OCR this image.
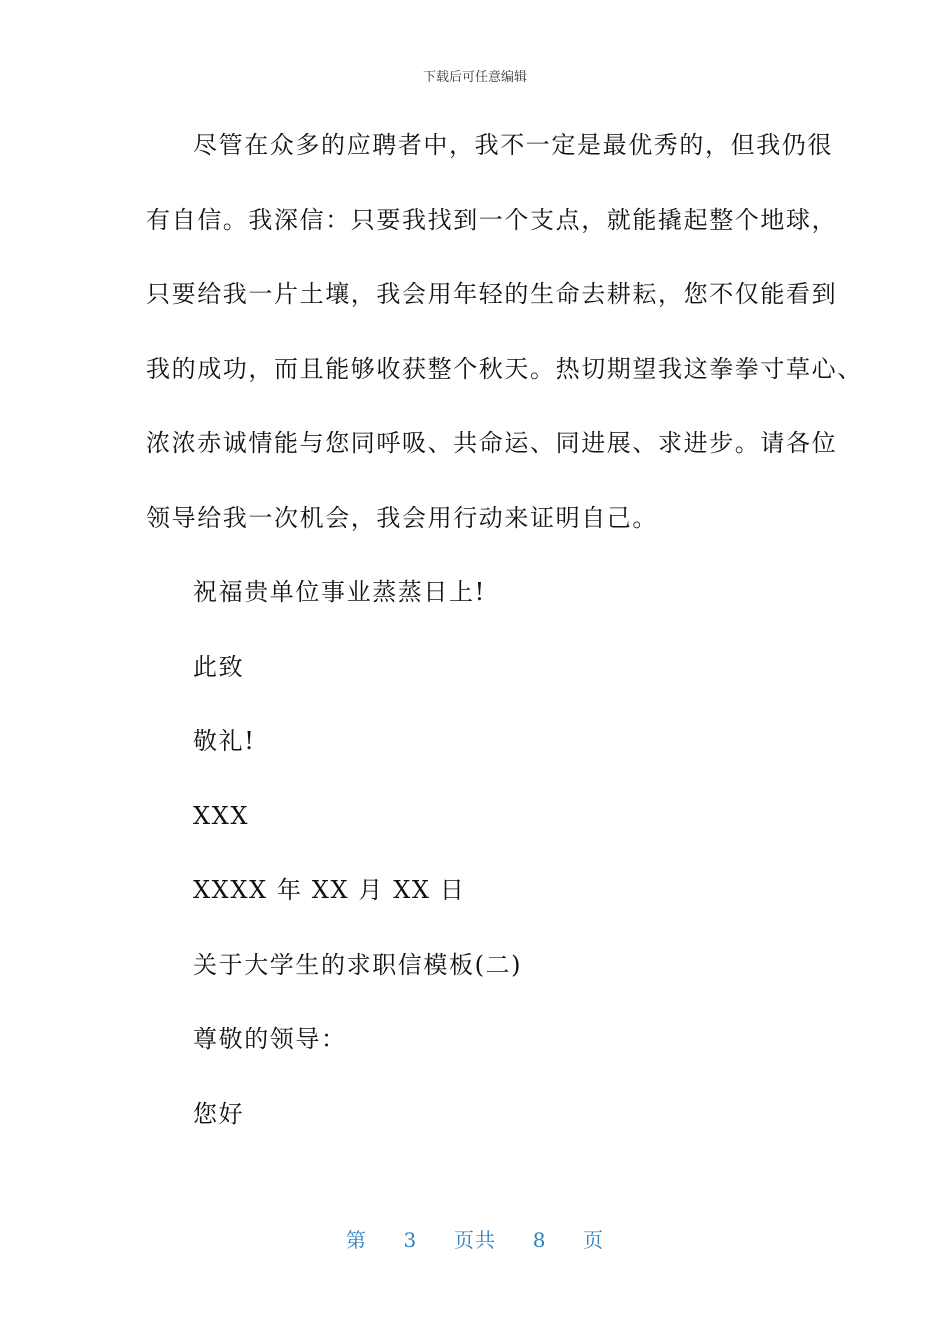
下载后可任意编辑
尽管在众多的应聘者中，我不一定是最优秀的，但我仍很
有自信。我深信：只要我找到一个支点，就能撬起整个地球，
只要给我一片土壤，我会用年轻的生命去耕耘，您不仅能看到
我的成功，而且能够收获整个秋天。热切期望我这拳拳寸草心、
浓浓赤诚情能与您同呼吸、共命运、同进展、求进步。请各位
领导给我一次机会，我会用行动来证明自己。
祝福贵单位事业蒸蒸日上!
此致
敬礼!
XXX
XXXX 年 XX 月 XX 日
关于大学生的求职信模板(二)
尊敬的领导：
您好
第 3 页共 8 页
